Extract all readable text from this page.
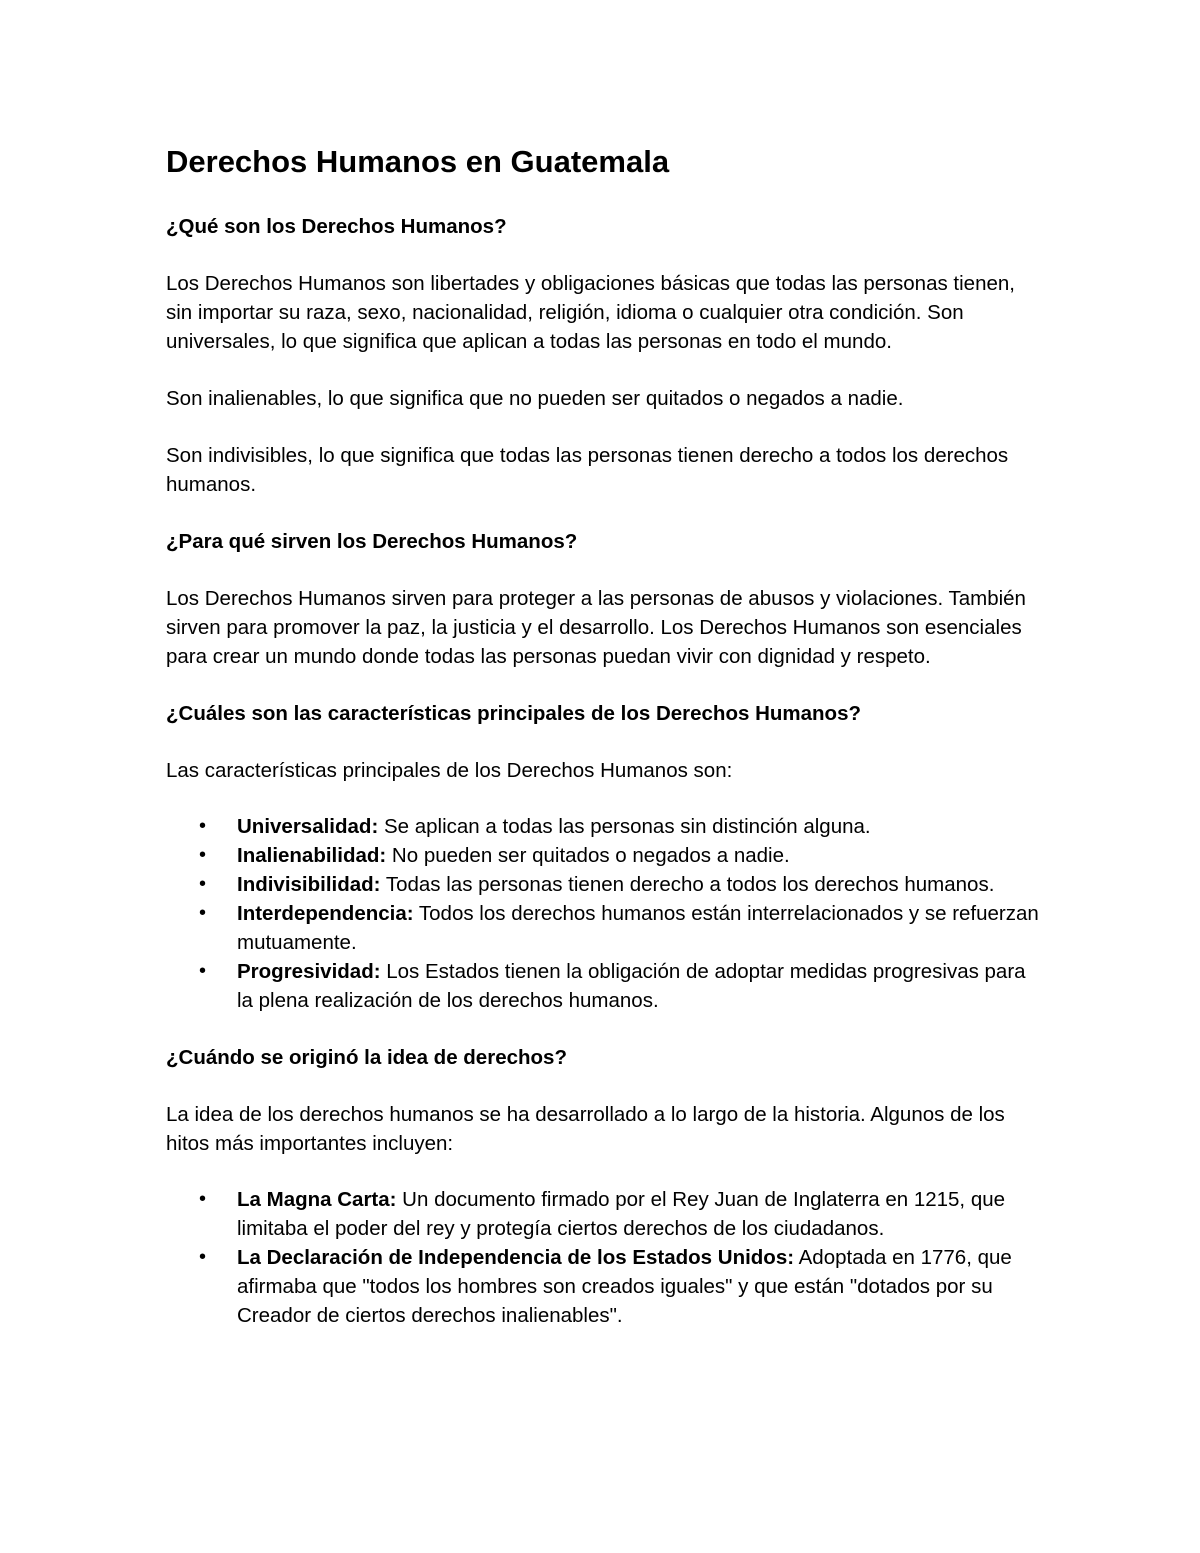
Derechos Humanos en Guatemala
¿Qué son los Derechos Humanos?

Los Derechos Humanos son libertades y obligaciones básicas que todas las personas tienen, sin importar su raza, sexo, nacionalidad, religión, idioma o cualquier otra condición. Son universales, lo que significa que aplican a todas las personas en todo el mundo.

Son inalienables, lo que significa que no pueden ser quitados o negados a nadie.

Son indivisibles, lo que significa que todas las personas tienen derecho a todos los derechos humanos.

¿Para qué sirven los Derechos Humanos?

Los Derechos Humanos sirven para proteger a las personas de abusos y violaciones. También sirven para promover la paz, la justicia y el desarrollo. Los Derechos Humanos son esenciales para crear un mundo donde todas las personas puedan vivir con dignidad y respeto.

¿Cuáles son las características principales de los Derechos Humanos?

Las características principales de los Derechos Humanos son:

• Universalidad: Se aplican a todas las personas sin distinción alguna.
• Inalienabilidad: No pueden ser quitados o negados a nadie.
• Indivisibilidad: Todas las personas tienen derecho a todos los derechos humanos.
• Interdependencia: Todos los derechos humanos están interrelacionados y se refuerzan mutuamente.
• Progresividad: Los Estados tienen la obligación de adoptar medidas progresivas para la plena realización de los derechos humanos.
¿Cuándo se originó la idea de derechos?

La idea de los derechos humanos se ha desarrollado a lo largo de la historia. Algunos de los hitos más importantes incluyen:

• La Magna Carta: Un documento firmado por el Rey Juan de Inglaterra en 1215, que limitaba el poder del rey y protegía ciertos derechos de los ciudadanos.
• La Declaración de Independencia de los Estados Unidos: Adoptada en 1776, que afirmaba que "todos los hombres son creados iguales" y que están "dotados por su Creador de ciertos derechos inalienables".
